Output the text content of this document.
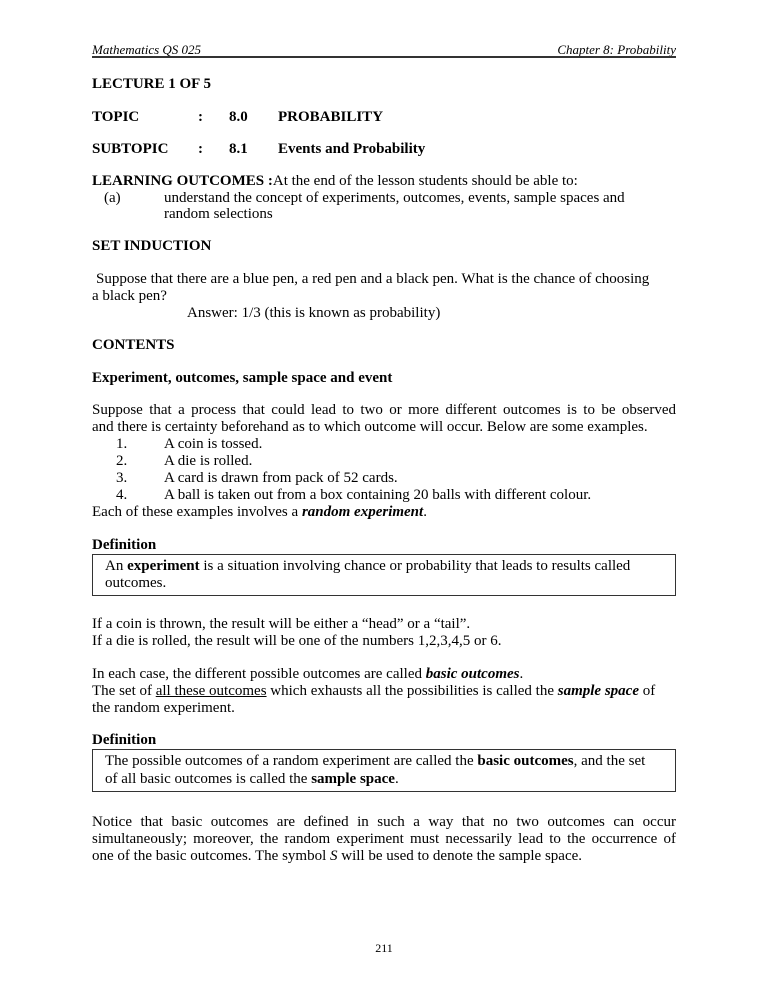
Mathematics QS 025	Chapter 8: Probability
LECTURE 1 OF 5
TOPIC	: 8.0 PROBABILITY
SUBTOPIC : 8.1 Events and Probability
LEARNING OUTCOMES :At the end of the lesson students should be able to:
(a)	understand the concept of experiments, outcomes, events, sample spaces and
random selections
SET INDUCTION
Suppose that there are a blue pen, a red pen and a black pen. What is the chance of choosing
a black pen?
Answer: 1/3 (this is known as probability)
CONTENTS
Experiment, outcomes, sample space and event
Suppose that a process that could lead to two or more different outcomes is to be observed
and there is certainty beforehand as to which outcome will occur. Below are some examples.
1. A coin is tossed.
2. A die is rolled.
3. A card is drawn from pack of 52 cards.
4. A ball is taken out from a box containing 20 balls with different colour.
Each of these examples involves a random experiment.
Definition
An experiment is a situation involving chance or probability that leads to results called
outcomes.
If a coin is thrown, the result will be either a “head” or a “tail”.
If a die is rolled, the result will be one of the numbers 1,2,3,4,5 or 6.
In each case, the different possible outcomes are called basic outcomes.
The set of all these outcomes which exhausts all the possibilities is called the sample space of
the random experiment.
Definition
The possible outcomes of a random experiment are called the basic outcomes, and the set
of all basic outcomes is called the sample space.
Notice that basic outcomes are defined in such a way that no two outcomes can occur
simultaneously; moreover, the random experiment must necessarily lead to the occurrence of
one of the basic outcomes. The symbol S will be used to denote the sample space.
211
